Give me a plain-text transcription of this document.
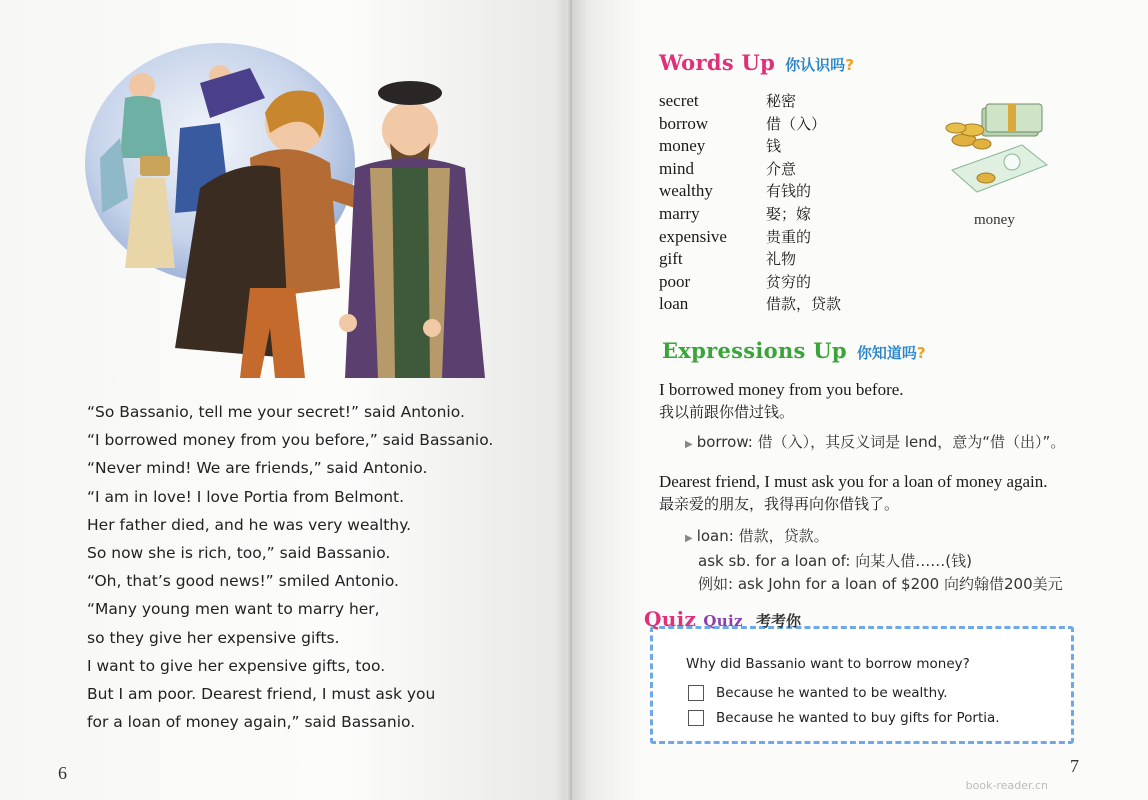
“So Bassanio, tell me your secret!” said Antonio.
“I borrowed money from you before,” said Bassanio.
“Never mind! We are friends,” said Antonio.
“I am in love! I love Portia from Belmont.
Her father died, and he was very wealthy.
So now she is rich, too,” said Bassanio.
“Oh, that’s good news!” smiled Antonio.
“Many young men want to marry her,
so they give her expensive gifts.
I want to give her expensive gifts, too.
But I am poor. Dearest friend, I must ask you
for a loan of money again,” said Bassanio.
6
Words Up 你认识吗?
secret	秘密
borrow	借（入）
money	钱
mind	介意
wealthy	有钱的
marry	娶；嫁
expensive	贵重的
gift	礼物
poor	贫穷的
loan	借款，贷款
money
Expressions Up 你知道吗?
I borrowed money from you before.
我以前跟你借过钱。
▶ borrow: 借（入），其反义词是 lend，意为“借（出）”。
Dearest friend, I must ask you for a loan of money again.
最亲爱的朋友，我得再向你借钱了。
▶ loan: 借款，贷款。
ask sb. for a loan of: 向某人借……(钱)
例如: ask John for a loan of $200 向约翰借200美元
Why did Bassanio want to borrow money?
Because he wanted to be wealthy.
Because he wanted to buy gifts for Portia.
Quiz Quiz 考考你
7
book-reader.cn
